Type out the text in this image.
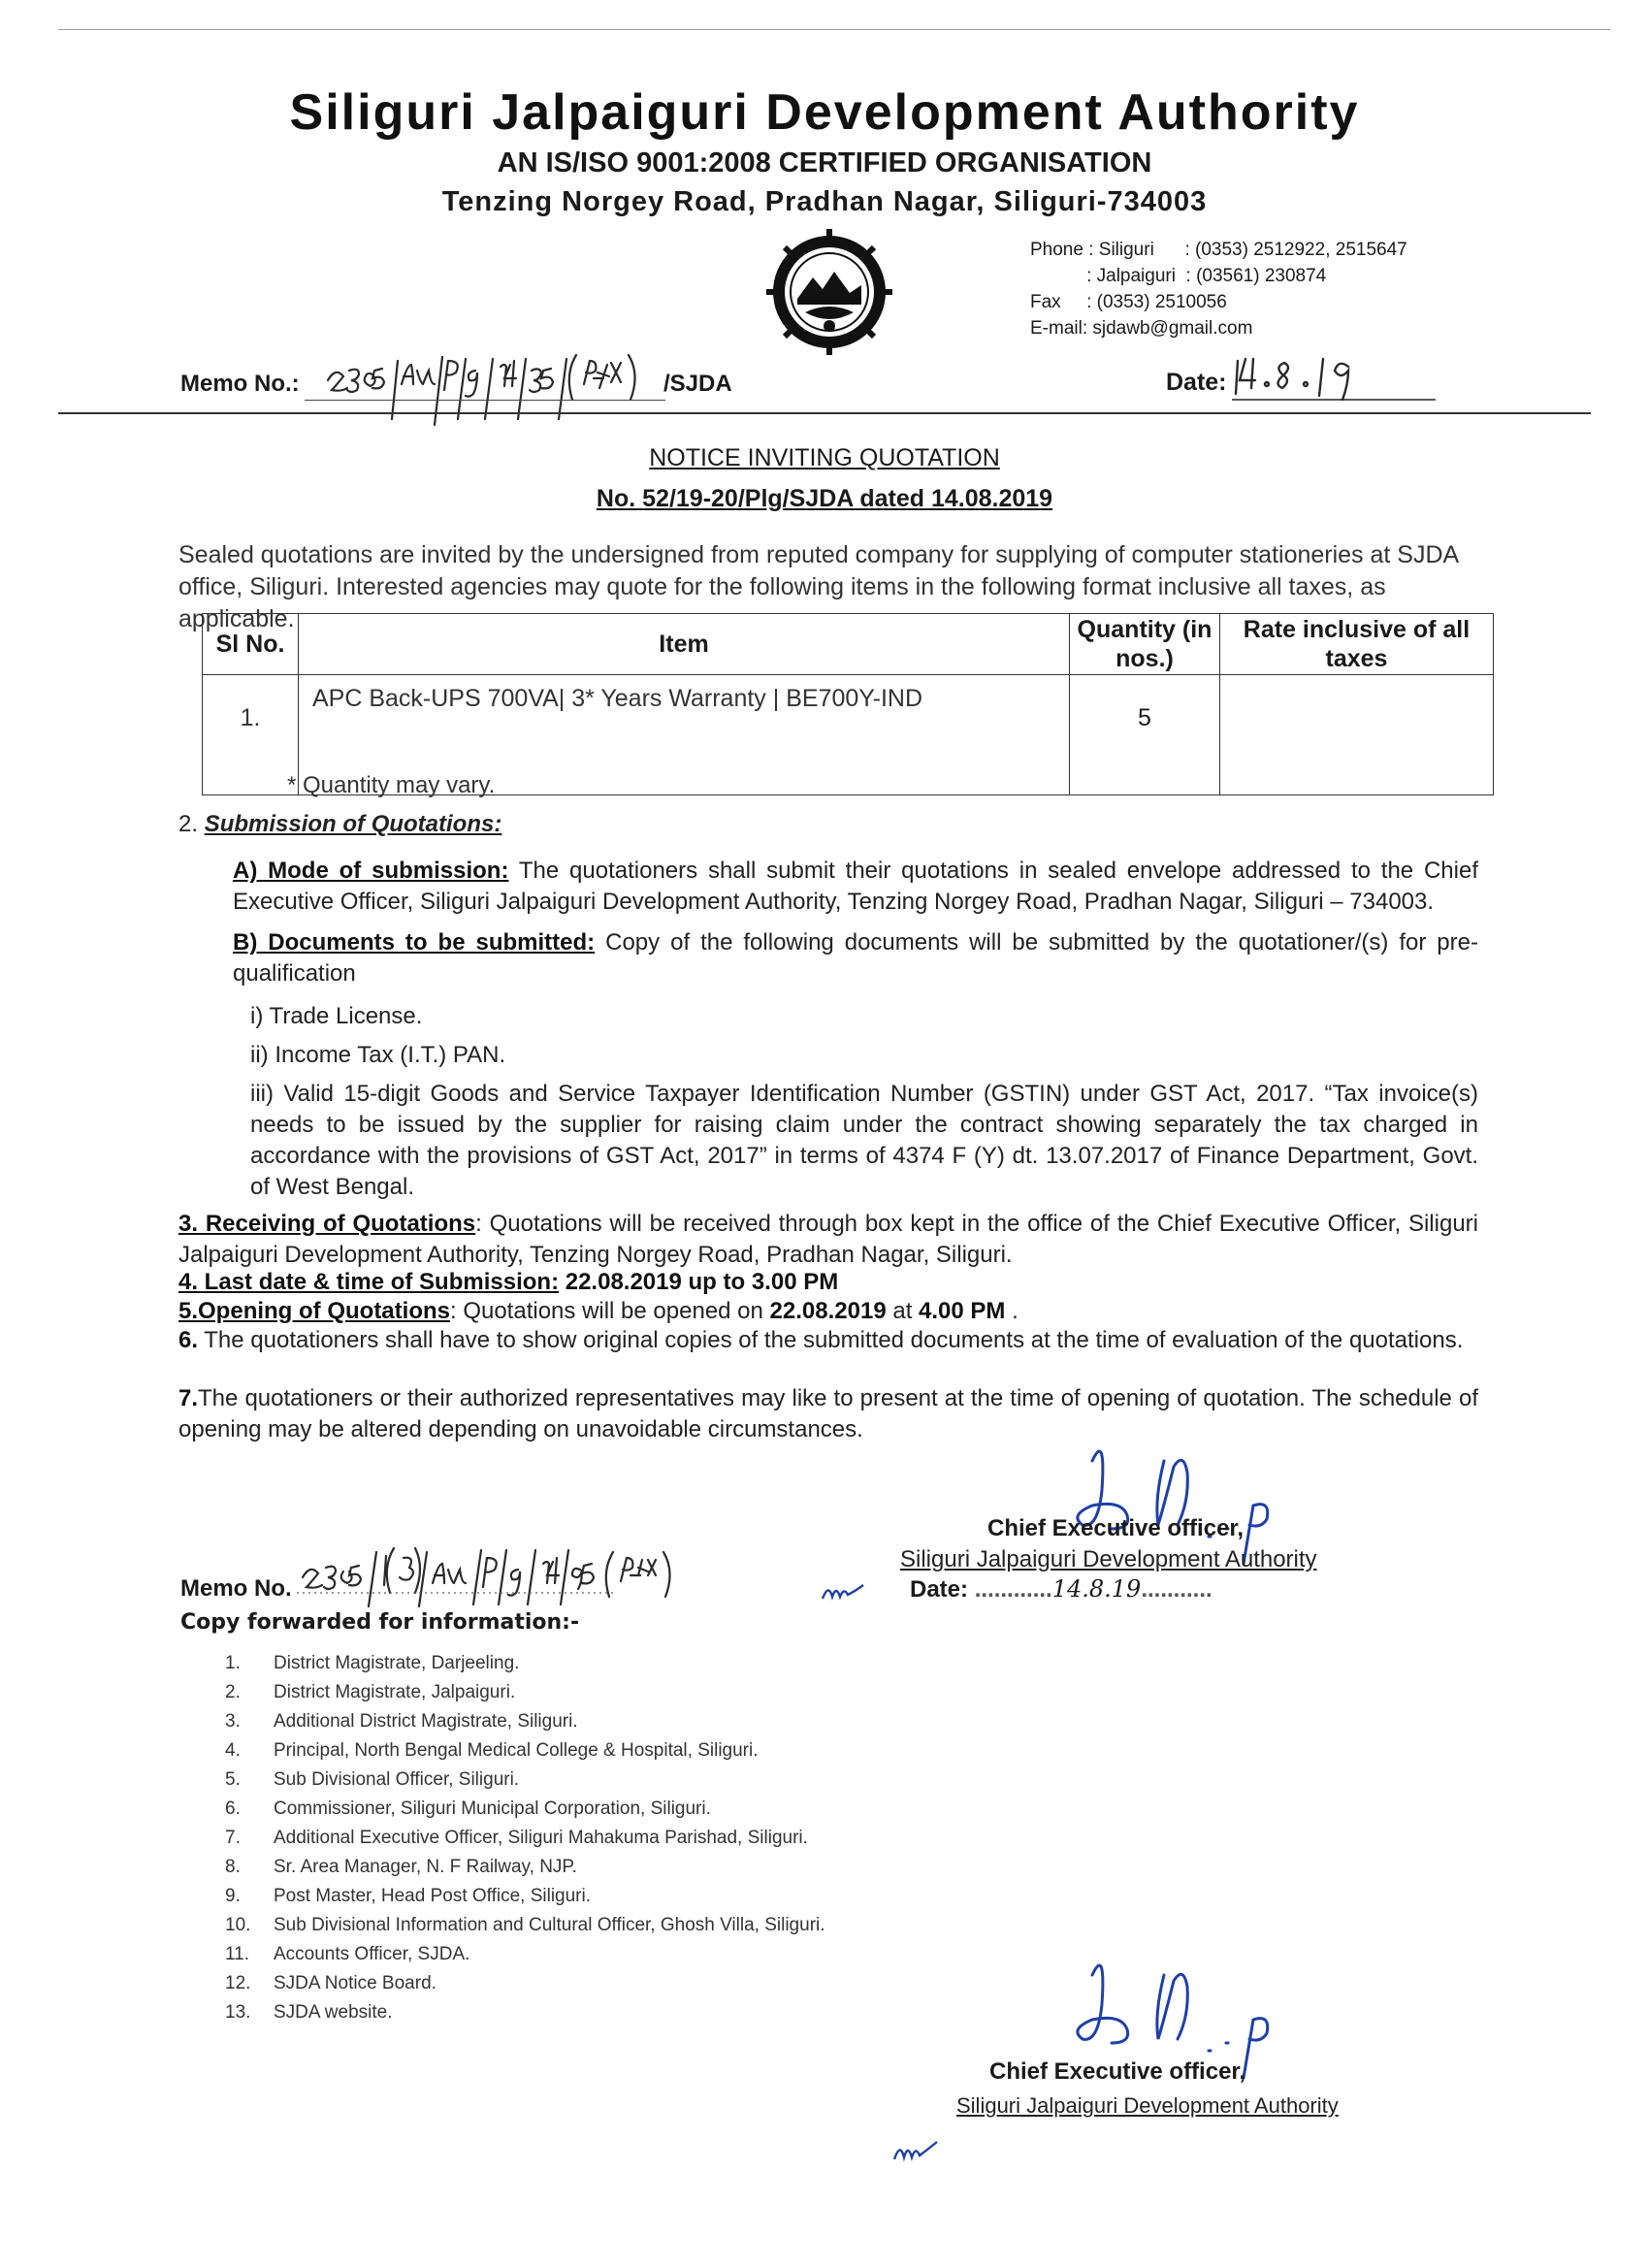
Siliguri Jalpaiguri Development Authority
AN IS/ISO 9001:2008 CERTIFIED ORGANISATION
Tenzing Norgey Road, Pradhan Nagar, Siliguri-734003
Phone : Siliguri      : (0353) 2512922, 2515647
: Jalpaiguri  : (03561) 230874
Fax     : (0353) 2510056
E-mail: sjdawb@gmail.com
Memo No.:	/SJDA	Date:
NOTICE INVITING QUOTATION
No. 52/19-20/Plg/SJDA dated 14.08.2019
Sealed quotations are invited by the undersigned from reputed company for supplying of computer stationeries at SJDA office, Siliguri. Interested agencies may quote for the following items in the following format inclusive all taxes, as applicable.
Sl No.	Item	Quantity (in nos.)	Rate inclusive of all taxes
1.	APC Back-UPS 700VA| 3* Years Warranty | BE700Y-IND	5	
* Quantity may vary.
2. Submission of Quotations:
A) Mode of submission: The quotationers shall submit their quotations in sealed envelope addressed to the Chief Executive Officer, Siliguri Jalpaiguri Development Authority, Tenzing Norgey Road, Pradhan Nagar, Siliguri – 734003.
B) Documents to be submitted: Copy of the following documents will be submitted by the quotationer/(s) for pre-qualification
i) Trade License.
ii) Income Tax (I.T.) PAN.
iii) Valid 15-digit Goods and Service Taxpayer Identification Number (GSTIN) under GST Act, 2017. “Tax invoice(s) needs to be issued by the supplier for raising claim under the contract showing separately the tax charged in accordance with the provisions of GST Act, 2017” in terms of 4374 F (Y) dt. 13.07.2017 of Finance Department, Govt. of West Bengal.
3. Receiving of Quotations: Quotations will be received through box kept in the office of the Chief Executive Officer, Siliguri Jalpaiguri Development Authority, Tenzing Norgey Road, Pradhan Nagar, Siliguri.
4. Last date & time of Submission: 22.08.2019 up to 3.00 PM
5.Opening of Quotations: Quotations will be opened on 22.08.2019 at 4.00 PM .
6. The quotationers shall have to show original copies of the submitted documents at the time of evaluation of the quotations.
7.The quotationers or their authorized representatives may like to present at the time of opening of quotation. The schedule of opening may be altered depending on unavoidable circumstances.
Chief Executive officer,
Siliguri Jalpaiguri Development Authority
Date: ............14.8.19...........
Memo No.
Copy forwarded for information:-
1.	District Magistrate, Darjeeling.
2.	District Magistrate, Jalpaiguri.
3.	Additional District Magistrate, Siliguri.
4.	Principal, North Bengal Medical College & Hospital, Siliguri.
5.	Sub Divisional Officer, Siliguri.
6.	Commissioner, Siliguri Municipal Corporation, Siliguri.
7.	Additional Executive Officer, Siliguri Mahakuma Parishad, Siliguri.
8.	Sr. Area Manager, N. F Railway, NJP.
9.	Post Master, Head Post Office, Siliguri.
10.	Sub Divisional Information and Cultural Officer, Ghosh Villa, Siliguri.
11.	Accounts Officer, SJDA.
12.	SJDA Notice Board.
13.	SJDA website.
Chief Executive officer,
Siliguri Jalpaiguri Development Authority
